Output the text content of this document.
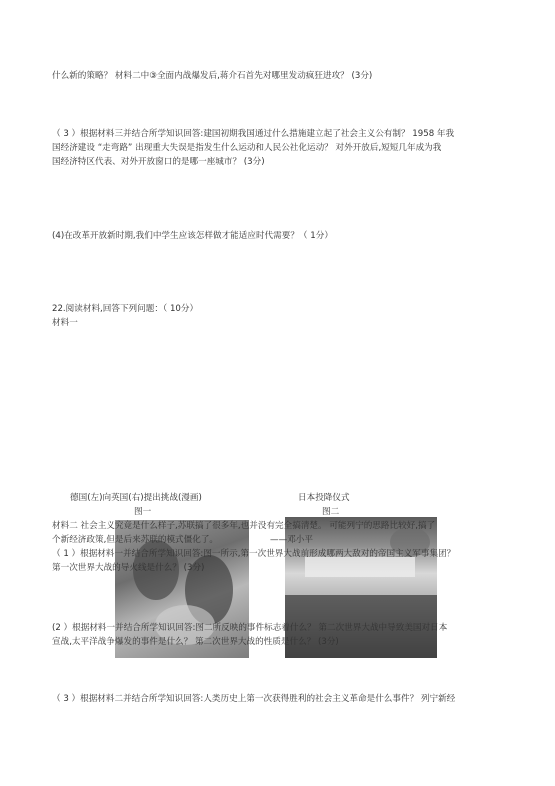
什么新的策略？ 材料二中③全面内战爆发后,蒋介石首先对哪里发动疯狂进攻？ (3分)
（ 3 ）根据材料三并结合所学知识回答:建国初期我国通过什么措施建立起了社会主义公有制？ 1958 年我
国经济建设 “走弯路” 出现重大失误是指发生什么运动和人民公社化运动？ 对外开放后,短短几年成为我
国经济特区代表、对外开放窗口的是哪一座城市？ (3分)
(4)在改革开放新时期,我们中学生应该怎样做才能适应时代需要？（ 1分）
22.阅读材料,回答下列问题：（ 10分）
材料一
德国(左)向英国(右)提出挑战(漫画)	日本投降仪式
图一	图二
材料二 社会主义究竟是什么样子,苏联搞了很多年,也并没有完全搞清楚。 可能列宁的思路比较好,搞了
个新经济政策,但是后来苏联的模式僵化了。	——邓小平
（ 1 ）根据材料一并结合所学知识回答:图一所示,第一次世界大战前形成哪两大敌对的帝国主义军事集团？
第一次世界大战的导火线是什么？ (3分)
(2 ）根据材料一并结合所学知识回答:图二所反映的事件标志着什么？ 第二次世界大战中导致美国对日本
宣战,太平洋战争爆发的事件是什么？ 第二次世界大战的性质是什么？ (3分)
（ 3 ）根据材料二并结合所学知识回答:人类历史上第一次获得胜利的社会主义革命是什么事件？ 列宁新经
